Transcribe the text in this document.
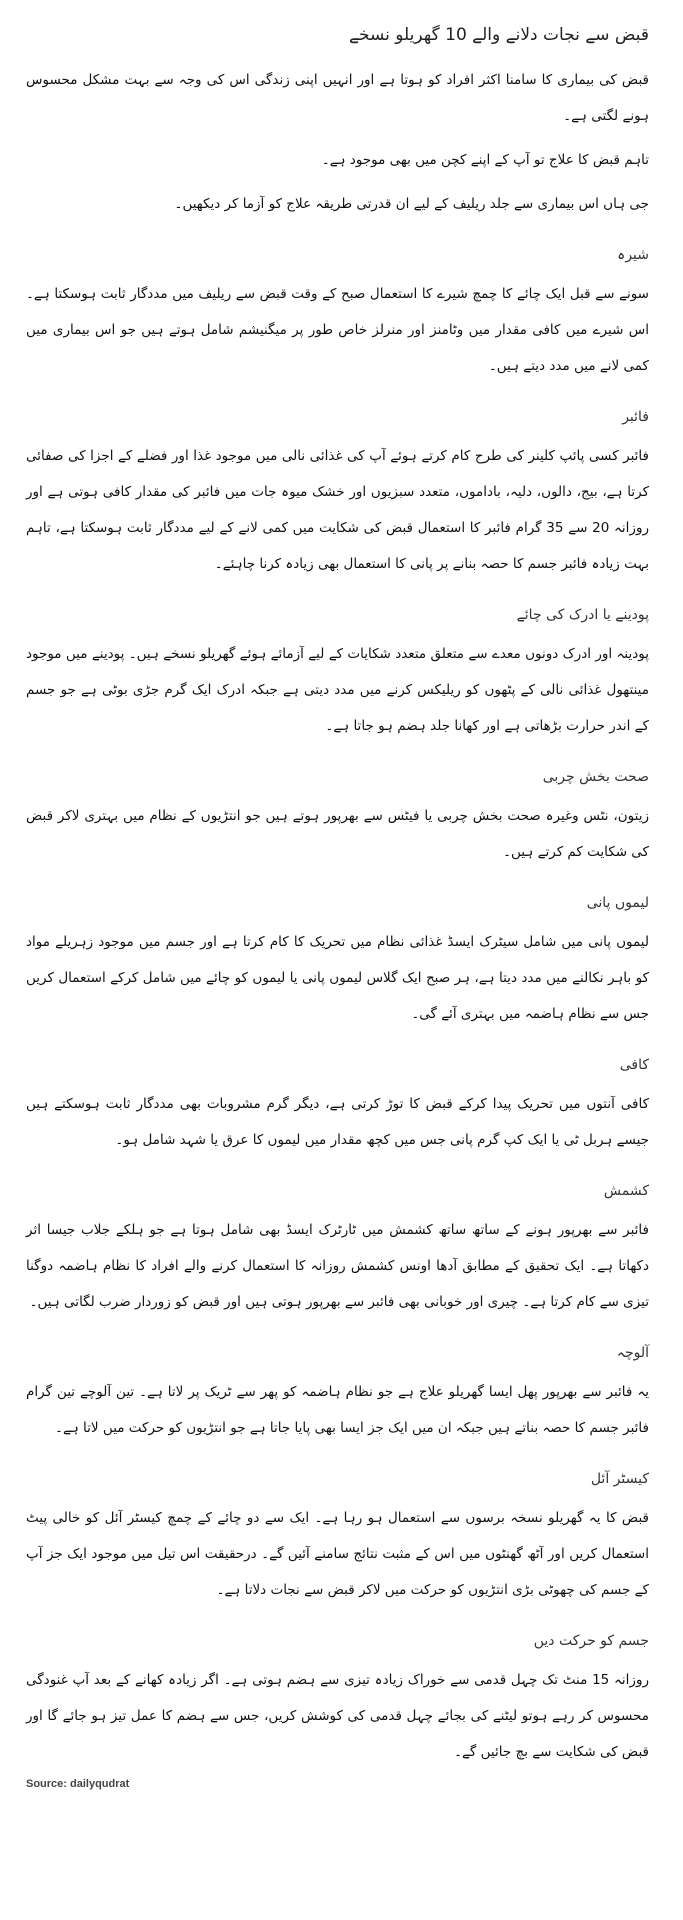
قبض سے نجات دلانے والے 10 گھریلو نسخے

قبض کی بیماری کا سامنا اکثر افراد کو ہوتا ہے اور انہیں اپنی زندگی اس کی وجہ سے بہت مشکل محسوس ہونے لگتی ہے۔

تاہم قبض کا علاج تو آپ کے اپنے کچن میں بھی موجود ہے۔

جی ہاں اس بیماری سے جلد ریلیف کے لیے ان قدرتی طریقہ علاج کو آزما کر دیکھیں۔

شیرہ

سونے سے قبل ایک چائے کا چمچ شیرے کا استعمال صبح کے وقت قبض سے ریلیف میں مددگار ثابت ہوسکتا ہے۔ اس شیرے میں کافی مقدار میں وٹامنز اور منرلز خاص طور پر میگنیشم شامل ہوتے ہیں جو اس بیماری میں کمی لانے میں مدد دیتے ہیں۔

فائبر

فائبر کسی پائپ کلینر کی طرح کام کرتے ہوئے آپ کی غذائی نالی میں موجود غذا اور فضلے کے اجزا کی صفائی کرتا ہے، بیج، دالوں، دلیہ، باداموں، متعدد سبزیوں اور خشک میوہ جات میں فائبر کی مقدار کافی ہوتی ہے اور روزانہ 20 سے 35 گرام فائبر کا استعمال قبض کی شکایت میں کمی لانے کے لیے مددگار ثابت ہوسکتا ہے، تاہم بہت زیادہ فائبر جسم کا حصہ بنانے پر پانی کا استعمال بھی زیادہ کرنا چاہئے۔

پودینے یا ادرک کی چائے

پودینہ اور ادرک دونوں معدے سے متعلق متعدد شکایات کے لیے آزمائے ہوئے گھریلو نسخے ہیں۔ پودینے میں موجود مینتھول غذائی نالی کے پٹھوں کو ریلیکس کرنے میں مدد دیتی ہے جبکہ ادرک ایک گرم جڑی بوٹی ہے جو جسم کے اندر حرارت بڑھاتی ہے اور کھانا جلد ہضم ہو جاتا ہے۔

صحت بخش چربی

زیتون، نٹس وغیرہ صحت بخش چربی یا فیٹس سے بھرپور ہوتے ہیں جو انتڑیوں کے نظام میں بہتری لاکر قبض کی شکایت کم کرتے ہیں۔

لیموں پانی

لیموں پانی میں شامل سیٹرک ایسڈ غذائی نظام میں تحریک کا کام کرتا ہے اور جسم میں موجود زہریلے مواد کو باہر نکالنے میں مدد دیتا ہے، ہر صبح ایک گلاس لیموں پانی یا لیموں کو چائے میں شامل کرکے استعمال کریں جس سے نظام ہاضمہ میں بہتری آئے گی۔

کافی

کافی آنتوں میں تحریک پیدا کرکے قبض کا توڑ کرتی ہے، دیگر گرم مشروبات بھی مددگار ثابت ہوسکتے ہیں جیسے ہربل ٹی یا ایک کپ گرم پانی جس میں کچھ مقدار میں لیموں کا عرق یا شہد شامل ہو۔

کشمش

فائبر سے بھرپور ہونے کے ساتھ ساتھ کشمش میں ٹارٹرک ایسڈ بھی شامل ہوتا ہے جو ہلکے جلاب جیسا اثر دکھاتا ہے۔ ایک تحقیق کے مطابق آدھا اونس کشمش روزانہ کا استعمال کرنے والے افراد کا نظام ہاضمہ دوگنا تیزی سے کام کرتا ہے۔ چیری اور خوبانی بھی فائبر سے بھرپور ہوتی ہیں اور قبض کو زوردار ضرب لگاتی ہیں۔

آلوچہ

یہ فائبر سے بھرپور پھل ایسا گھریلو علاج ہے جو نظام ہاضمہ کو پھر سے ٹریک پر لاتا ہے۔ تین آلوچے تین گرام فائبر جسم کا حصہ بناتے ہیں جبکہ ان میں ایک جز ایسا بھی پایا جاتا ہے جو انتڑیوں کو حرکت میں لاتا ہے۔

کیسٹر آئل

قبض کا یہ گھریلو نسخہ برسوں سے استعمال ہو رہا ہے۔ ایک سے دو چائے کے چمچ کیسٹر آئل کو خالی پیٹ استعمال کریں اور آٹھ گھنٹوں میں اس کے مثبت نتائج سامنے آئیں گے۔ درحقیقت اس تیل میں موجود ایک جز آپ کے جسم کی چھوٹی بڑی انتڑیوں کو حرکت میں لاکر قبض سے نجات دلاتا ہے۔

جسم کو حرکت دیں

روزانہ 15 منٹ تک چہل قدمی سے خوراک زیادہ تیزی سے ہضم ہوتی ہے۔ اگر زیادہ کھانے کے بعد آپ غنودگی محسوس کر رہے ہوتو لیٹنے کی بجائے چہل قدمی کی کوشش کریں، جس سے ہضم کا عمل تیز ہو جائے گا اور قبض کی شکایت سے بچ جائیں گے۔

Source: dailyqudrat
